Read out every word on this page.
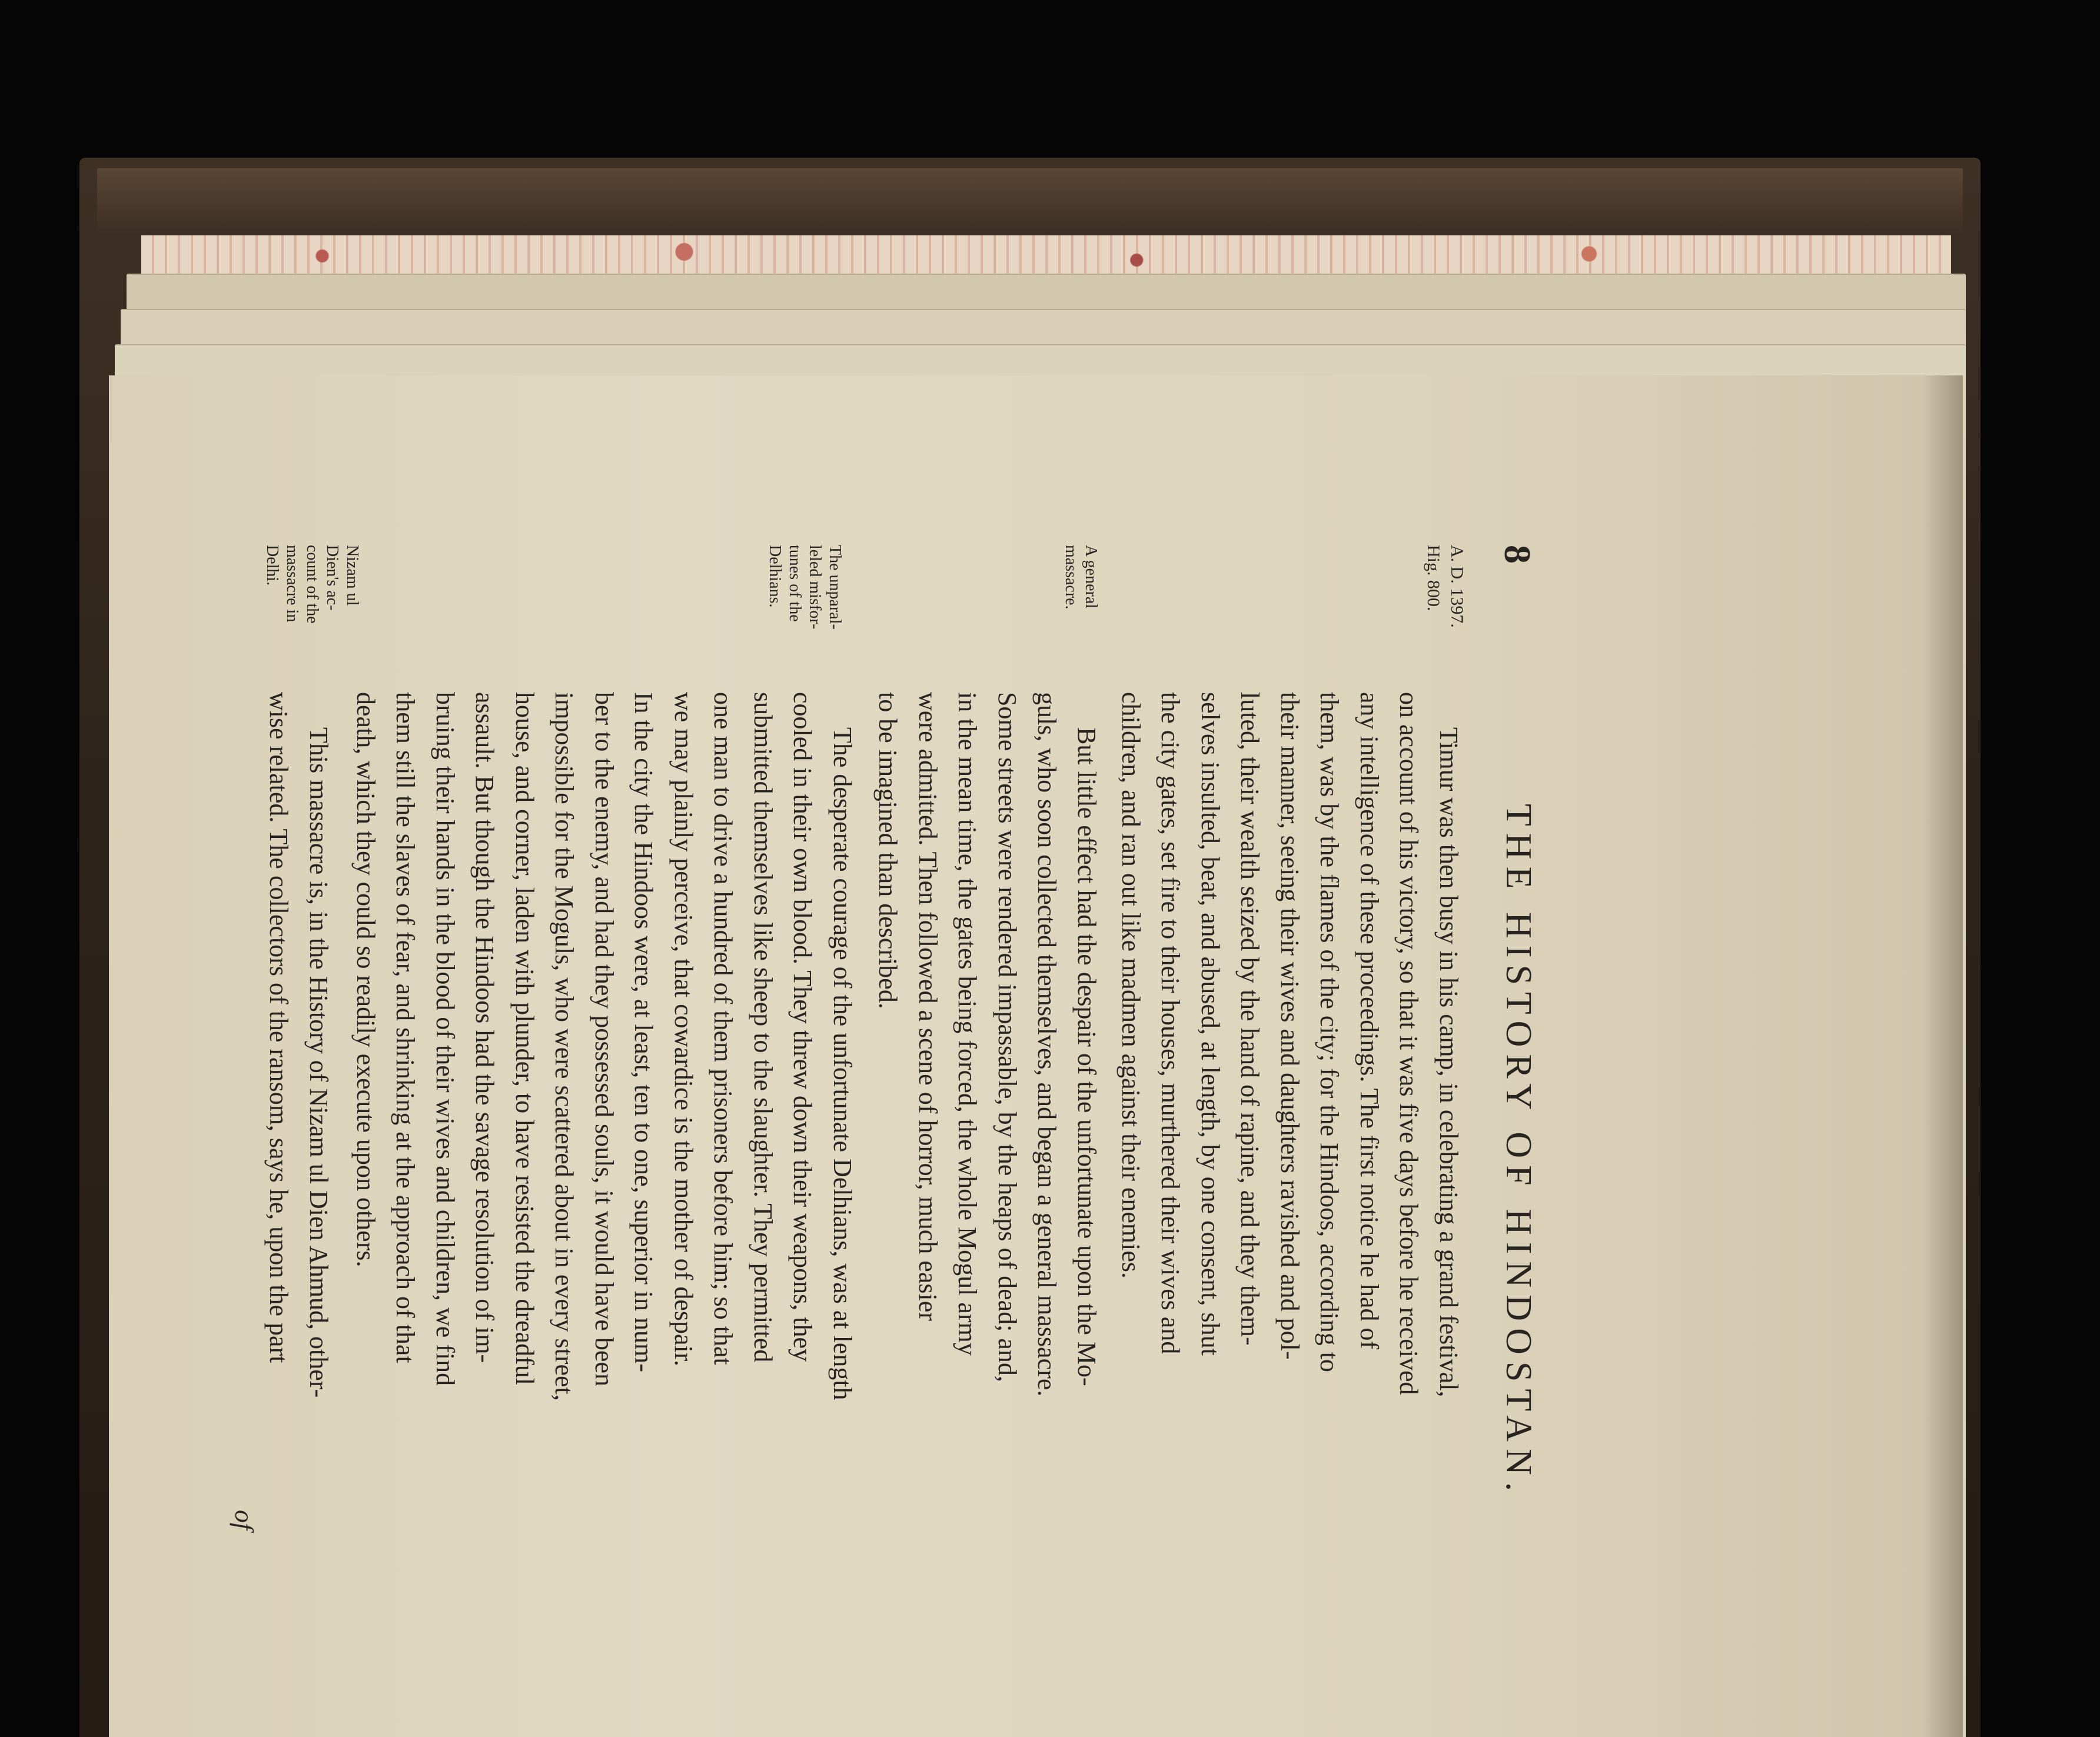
8
THE HISTORY OF HINDOSTAN.
A. D. 1397.
Hig. 800.
Timur was then busy in his camp, in celebrating a grand festival,
on account of his victory, so that it was five days before he received
any intelligence of these proceedings. The first notice he had of
them, was by the flames of the city; for the Hindoos, according to
their manner, seeing their wives and daughters ravished and pol-
luted, their wealth seized by the hand of rapine, and they them-
selves insulted, beat, and abused, at length, by one consent, shut
the city gates, set fire to their houses, murthered their wives and
children, and ran out like madmen against their enemies.
A general
massacre.
But little effect had the despair of the unfortunate upon the Mo-
guls, who soon collected themselves, and began a general massacre.
Some streets were rendered impassable, by the heaps of dead; and,
in the mean time, the gates being forced, the whole Mogul army
were admitted. Then followed a scene of horror, much easier
to be imagined than described.
The unparal-
leled misfor-
tunes of the
Delhians.
The desperate courage of the unfortunate Delhians, was at length
cooled in their own blood. They threw down their weapons, they
submitted themselves like sheep to the slaughter. They permitted
one man to drive a hundred of them prisoners before him; so that
we may plainly perceive, that cowardice is the mother of despair.
In the city the Hindoos were, at least, ten to one, superior in num-
ber to the enemy, and had they possessed souls, it would have been
impossible for the Moguls, who were scattered about in every street,
house, and corner, laden with plunder, to have resisted the dreadful
assault. But though the Hindoos had the savage resolution of im-
bruing their hands in the blood of their wives and children, we find
them still the slaves of fear, and shrinking at the approach of that
death, which they could so readily execute upon others.
Nizam ul
Dien's ac-
count of the
massacre in
Delhi.
This massacre is, in the History of Nizam ul Dien Ahmud, other-
wise related. The collectors of the ransom, says he, upon the part
of
